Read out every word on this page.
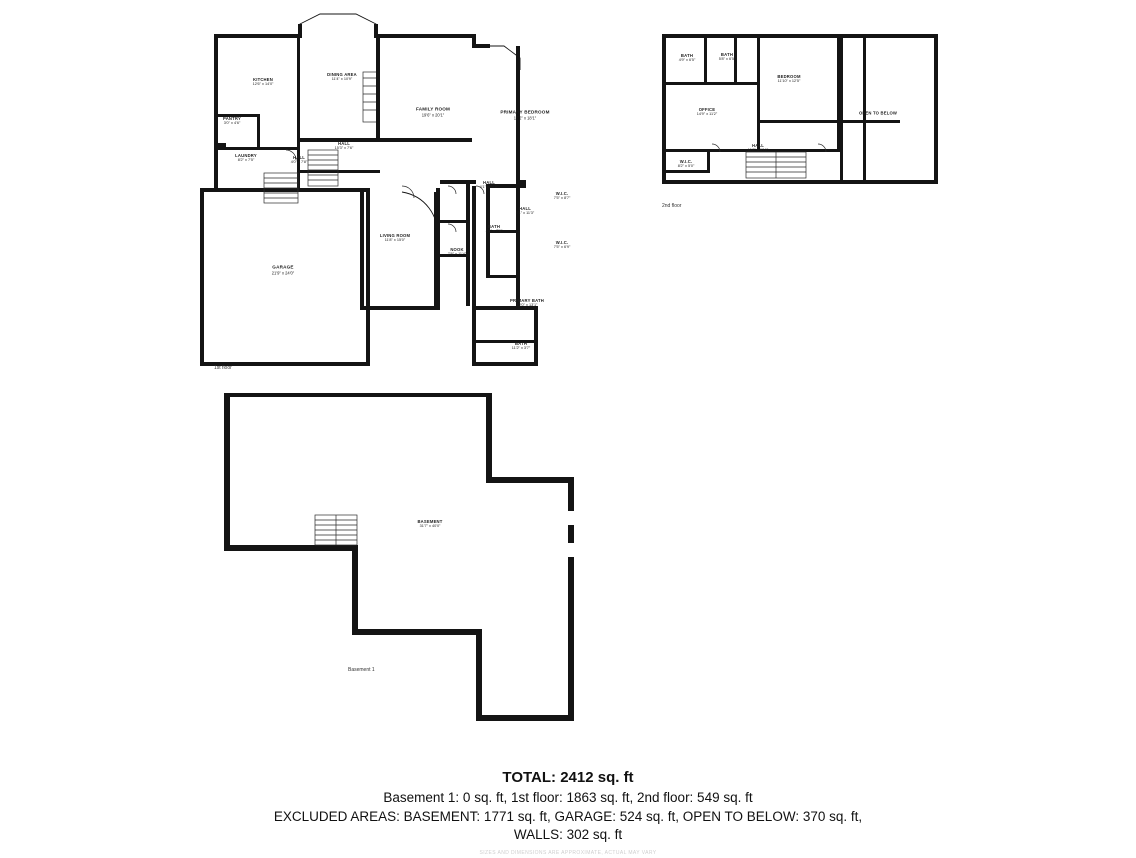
KITCHEN
12'6" x 14'0"
DINING AREA
11'4" x 10'9"
FAMILY ROOM
19'6" x 20'1"
PRIMARY BEDROOM
15'2" x 18'1"
PANTRY
3'0" x 4'6"
LAUNDRY
8'2" x 7'5"
HALL
15'3" x 7'6"
HALL
4'0" x 7'8"
GARAGE
21'9" x 24'0"
LIVING ROOM
11'8" x 15'0"
NOOK
7'6" x 11'4"
HALL
4'1" x 20'8"
BATH
4'1" x 7'6"
HALL
3'1" x 11'3"
W.I.C.
7'5" x 8'7"
W.I.C.
7'5" x 6'9"
PRIMARY BATH
12'0" x 13'1"
BATH
11'2" x 3'7"
1st floor
BATH
4'9" x 6'5"
BATH
5'8" x 6'5"
BEDROOM
11'10" x 12'5"
OFFICE
14'9" x 11'2"	OPEN TO BELOW
HALL
11'8" x 6'10"
W.I.C.
8'2" x 5'0"
2nd floor
BASEMENT
31'7" x 40'0"
Basement 1
TOTAL: 2412 sq. ft
Basement 1: 0 sq. ft, 1st floor: 1863 sq. ft, 2nd floor: 549 sq. ft
EXCLUDED AREAS: BASEMENT: 1771 sq. ft, GARAGE: 524 sq. ft, OPEN TO BELOW: 370 sq. ft,
WALLS: 302 sq. ft
SIZES AND DIMENSIONS ARE APPROXIMATE, ACTUAL MAY VARY
